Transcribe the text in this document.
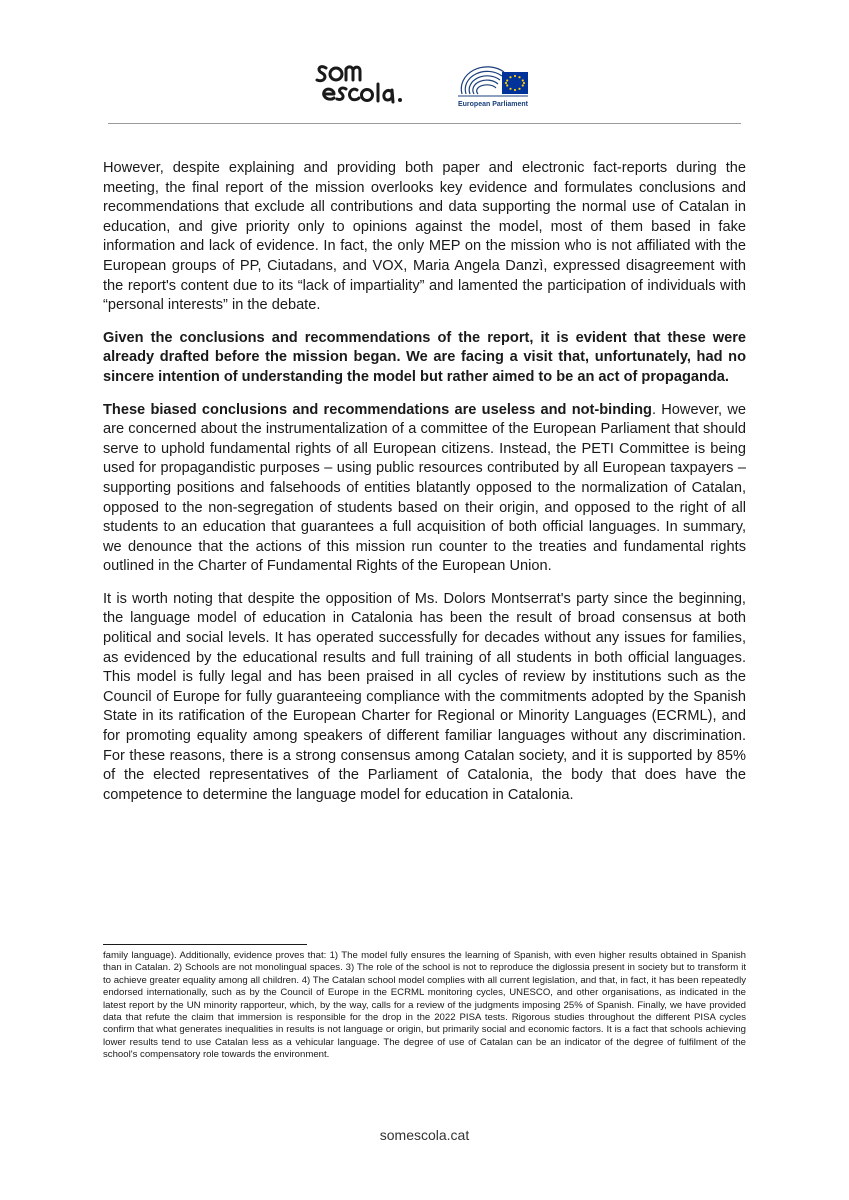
European Parliament

However, despite explaining and providing both paper and electronic fact-reports during the meeting, the final report of the mission overlooks key evidence and formulates conclusions and recommendations that exclude all contributions and data supporting the normal use of Catalan in education, and give priority only to opinions against the model, most of them based in fake information and lack of evidence. In fact, the only MEP on the mission who is not affiliated with the European groups of PP, Ciutadans, and VOX, Maria Angela Danzì, expressed disagreement with the report's content due to its “lack of impartiality” and lamented the participation of individuals with “personal interests” in the debate.

Given the conclusions and recommendations of the report, it is evident that these were already drafted before the mission began. We are facing a visit that, unfortunately, had no sincere intention of understanding the model but rather aimed to be an act of propaganda.

These biased conclusions and recommendations are useless and not-binding. However, we are concerned about the instrumentalization of a committee of the European Parliament that should serve to uphold fundamental rights of all European citizens. Instead, the PETI Committee is being used for propagandistic purposes – using public resources contributed by all European taxpayers – supporting positions and falsehoods of entities blatantly opposed to the normalization of Catalan, opposed to the non-segregation of students based on their origin, and opposed to the right of all students to an education that guarantees a full acquisition of both official languages. In summary, we denounce that the actions of this mission run counter to the treaties and fundamental rights outlined in the Charter of Fundamental Rights of the European Union.

It is worth noting that despite the opposition of Ms. Dolors Montserrat's party since the beginning, the language model of education in Catalonia has been the result of broad consensus at both political and social levels. It has operated successfully for decades without any issues for families, as evidenced by the educational results and full training of all students in both official languages. This model is fully legal and has been praised in all cycles of review by institutions such as the Council of Europe for fully guaranteeing compliance with the commitments adopted by the Spanish State in its ratification of the European Charter for Regional or Minority Languages (ECRML), and for promoting equality among speakers of different familiar languages without any discrimination. For these reasons, there is a strong consensus among Catalan society, and it is supported by 85% of the elected representatives of the Parliament of Catalonia, the body that does have the competence to determine the language model for education in Catalonia.

family language). Additionally, evidence proves that: 1) The model fully ensures the learning of Spanish, with even higher results obtained in Spanish than in Catalan. 2) Schools are not monolingual spaces. 3) The role of the school is not to reproduce the diglossia present in society but to transform it to achieve greater equality among all children. 4) The Catalan school model complies with all current legislation, and that, in fact, it has been repeatedly endorsed internationally, such as by the Council of Europe in the ECRML monitoring cycles, UNESCO, and other organisations, as indicated in the latest report by the UN minority rapporteur, which, by the way, calls for a review of the judgments imposing 25% of Spanish. Finally, we have provided data that refute the claim that immersion is responsible for the drop in the 2022 PISA tests. Rigorous studies throughout the different PISA cycles confirm that what generates inequalities in results is not language or origin, but primarily social and economic factors. It is a fact that schools achieving lower results tend to use Catalan less as a vehicular language. The degree of use of Catalan can be an indicator of the degree of fulfilment of the school's compensatory role towards the environment.
somescola.cat
